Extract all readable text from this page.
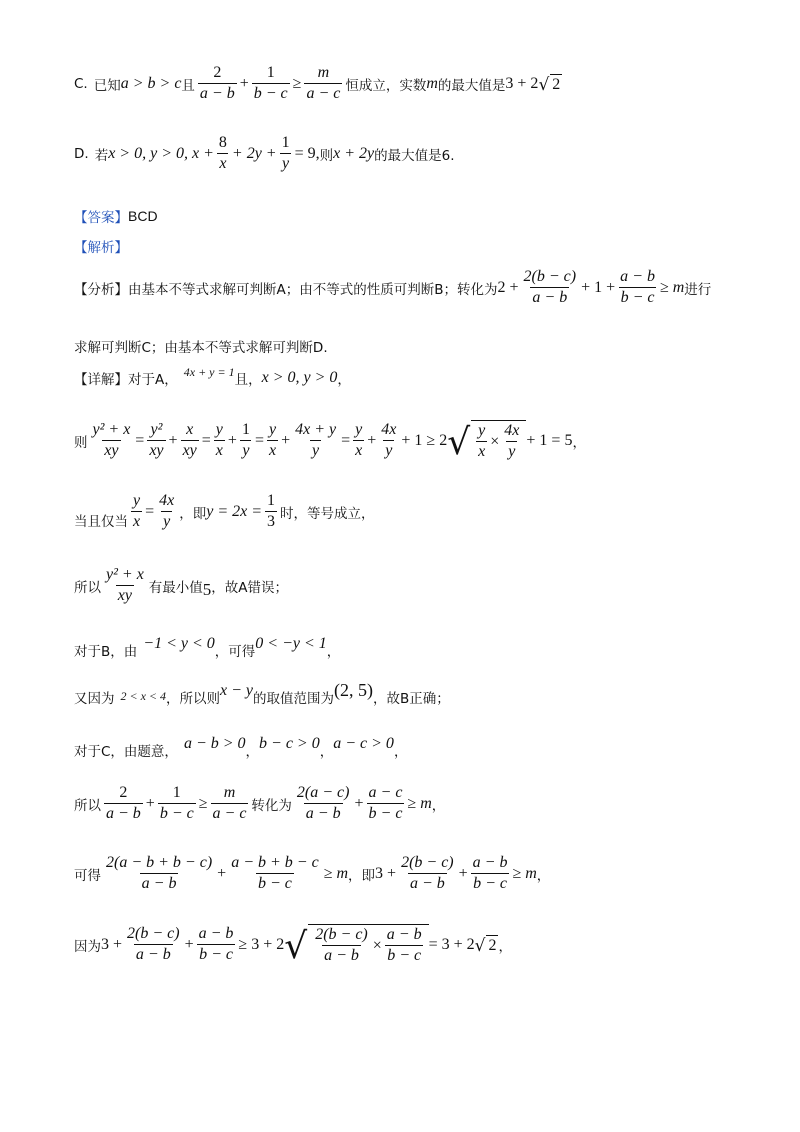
C. 已知 a > b > c 且 $\frac{2}{a - b} + \frac{1}{b - c} \ge \frac{m}{a - c}$ 恒成立，实数 m 的最大值是 3 + 2 √ 2
D. 若 x > 0, y > 0, $x + \frac{8}{x} + 2y + \frac{1}{y} = 9$, 则 x + 2y 的最大值是6.
【答案】 BCD
【解析】
【分析】 由基本不等式求解可判断A；由不等式的性质可判断B；转化为 $2 + \frac{2(b - c)}{a - b} + 1 + \frac{a - b}{b - c} \ge m$ 进行
求解可判断C；由基本不等式求解可判断D.
【详解】 对于A，
4x + y = 1
且， x > 0, y > 0 ，
则 $\frac{\text{y² + x}}{xy} = \frac{\text{y²}}{xy} + \frac{x}{xy} = \frac{y}{x} + \frac{1}{y} = \frac{y}{x} + \frac{4x + y}{y} = \frac{y}{x} + \frac{4x}{y} + 1 \ge 2$ √ $\frac{y}{x} \times \frac{4x}{y} + 1 = 5$ ，
当且仅当 $\frac{y}{x} = \frac{4x}{y}$ ，即 $y = 2x = \frac{1}{3}$ 时，等号成立，
所以 $\frac{\text{y² + x}}{xy}$ 有最小值 5 ，故A错误；
对于B，由 −1 < y < 0 ，可得 0 < −y < 1 ，
又因为 2 < x < 4 ，所以则 x − y 的取值范围为 (2, 5) ，故B正确；
对于C，由题意， a − b > 0 ， b − c > 0 ， a − c > 0 ，
所以 $\frac{2}{a - b} + \frac{1}{b - c} \ge \frac{m}{a - c}$ 转化为 $\frac{2(a - c)}{a - b} + \frac{a - c}{b - c} \ge m$ ，
可得 $\frac{2(a - b + b - c)}{a - b} + \frac{a - b + b - c}{b - c} \ge m$ ，即 $3 + \frac{2(b - c)}{a - b} + \frac{a - b}{b - c} \ge m$ ，
因为 $3 + \frac{2(b - c)}{a - b} + \frac{a - b}{b - c} \ge 3 + 2$ √ $\frac{2(b - c)}{a - b} \times \frac{a - b}{b - c} = 3 + 2$ √ 2 ，
